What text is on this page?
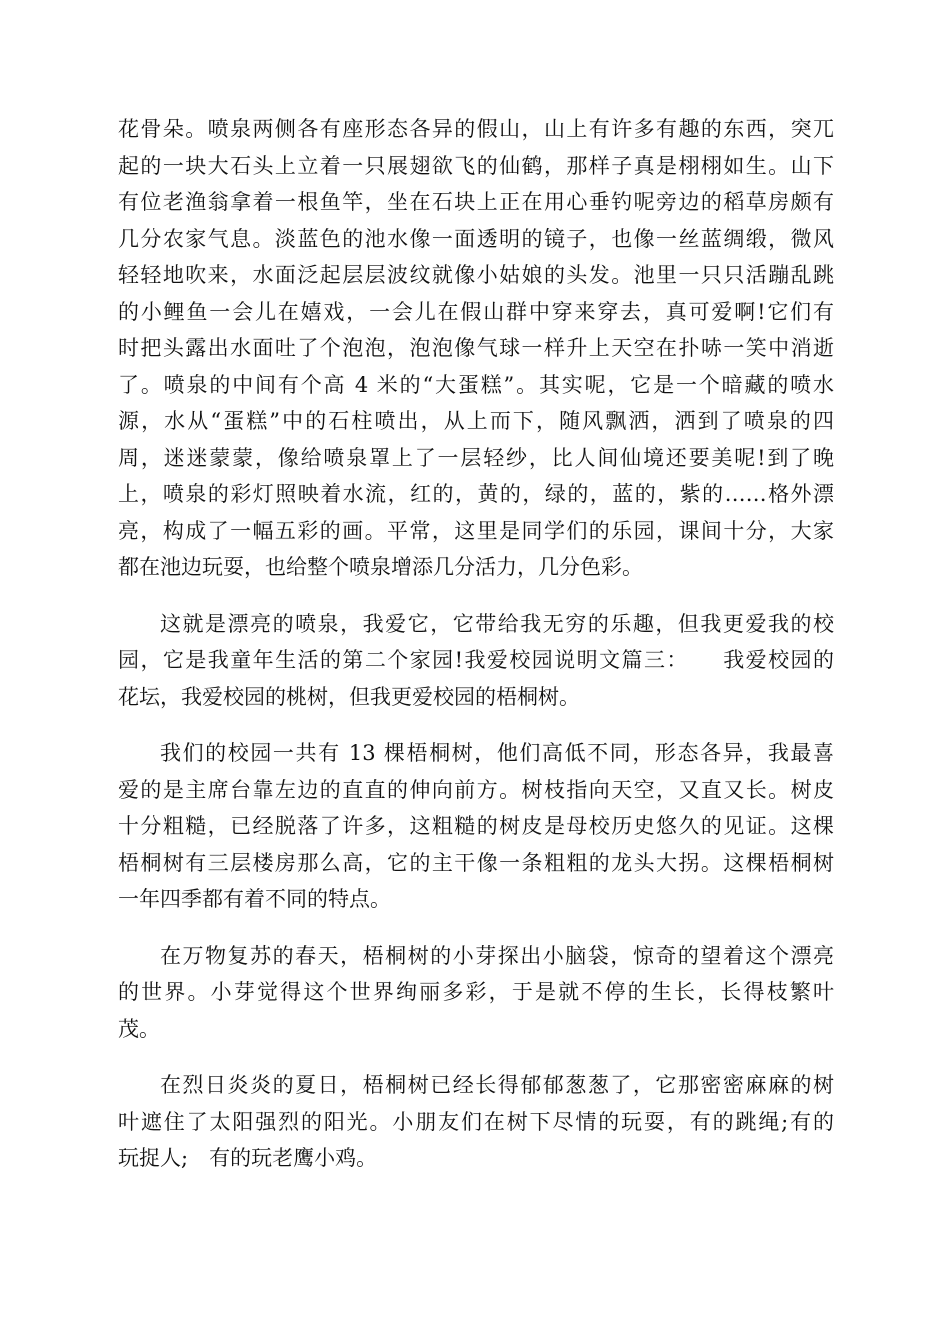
花骨朵。喷泉两侧各有座形态各异的假山，山上有许多有趣的东西，突兀
起的一块大石头上立着一只展翅欲飞的仙鹤，那样子真是栩栩如生。山下
有位老渔翁拿着一根鱼竿，坐在石块上正在用心垂钓呢旁边的稻草房颇有
几分农家气息。淡蓝色的池水像一面透明的镜子，也像一丝蓝绸缎，微风
轻轻地吹来，水面泛起层层波纹就像小姑娘的头发。池里一只只活蹦乱跳
的小鲤鱼一会儿在嬉戏，一会儿在假山群中穿来穿去，真可爱啊!它们有
时把头露出水面吐了个泡泡，泡泡像气球一样升上天空在扑哧一笑中消逝
了。喷泉的中间有个高 4 米的“大蛋糕”。其实呢，它是一个暗藏的喷水
源，水从“蛋糕”中的石柱喷出，从上而下，随风飘洒，洒到了喷泉的四
周，迷迷蒙蒙，像给喷泉罩上了一层轻纱，比人间仙境还要美呢!到了晚
上，喷泉的彩灯照映着水流，红的，黄的，绿的，蓝的，紫的……格外漂
亮，构成了一幅五彩的画。平常，这里是同学们的乐园，课间十分，大家
都在池边玩耍，也给整个喷泉增添几分活力，几分色彩。
这就是漂亮的喷泉，我爱它，它带给我无穷的乐趣，但我更爱我的校
园，它是我童年生活的第二个家园!我爱校园说明文篇三：　　我爱校园的
花坛，我爱校园的桃树，但我更爱校园的梧桐树。
我们的校园一共有 13 棵梧桐树，他们高低不同，形态各异，我最喜
爱的是主席台靠左边的直直的伸向前方。树枝指向天空，又直又长。树皮
十分粗糙，已经脱落了许多，这粗糙的树皮是母校历史悠久的见证。这棵
梧桐树有三层楼房那么高，它的主干像一条粗粗的龙头大拐。这棵梧桐树
一年四季都有着不同的特点。
在万物复苏的春天，梧桐树的小芽探出小脑袋，惊奇的望着这个漂亮
的世界。小芽觉得这个世界绚丽多彩，于是就不停的生长，长得枝繁叶
茂。
在烈日炎炎的夏日，梧桐树已经长得郁郁葱葱了，它那密密麻麻的树
叶遮住了太阳强烈的阳光。小朋友们在树下尽情的玩耍，有的跳绳;有的
玩捉人;　有的玩老鹰小鸡。
